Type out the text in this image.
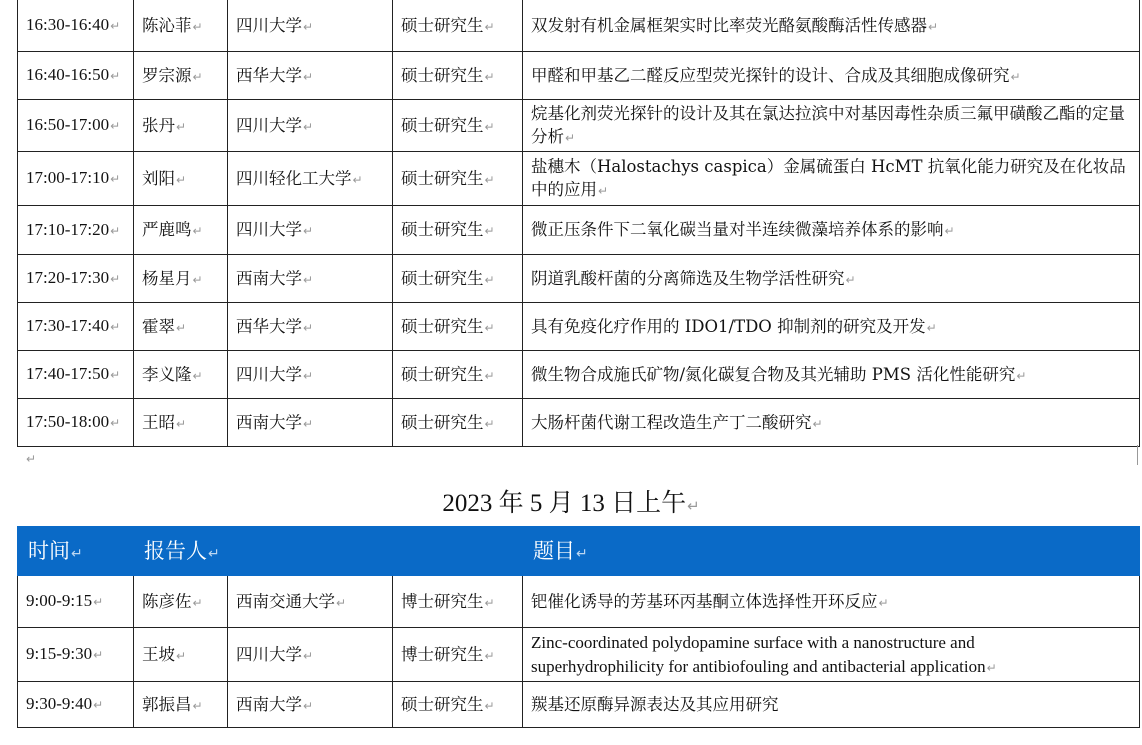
16:30-16:40↵	陈沁菲↵	四川大学↵	硕士研究生↵	双发射有机金属框架实时比率荧光酪氨酸酶活性传感器↵
16:40-16:50↵	罗宗源↵	西华大学↵	硕士研究生↵	甲醛和甲基乙二醛反应型荧光探针的设计、合成及其细胞成像研究↵
16:50-17:00↵	张丹↵	四川大学↵	硕士研究生↵	烷基化剂荧光探针的设计及其在氯达拉滨中对基因毒性杂质三氟甲磺酸乙酯的定量分析↵
17:00-17:10↵	刘阳↵	四川轻化工大学↵	硕士研究生↵	盐穗木（Halostachys caspica）金属硫蛋白 HcMT 抗氧化能力研究及在化妆品中的应用↵
17:10-17:20↵	严鹿鸣↵	四川大学↵	硕士研究生↵	微正压条件下二氧化碳当量对半连续微藻培养体系的影响↵
17:20-17:30↵	杨星月↵	西南大学↵	硕士研究生↵	阴道乳酸杆菌的分离筛选及生物学活性研究↵
17:30-17:40↵	霍翠↵	西华大学↵	硕士研究生↵	具有免疫化疗作用的 IDO1/TDO 抑制剂的研究及开发↵
17:40-17:50↵	李义隆↵	四川大学↵	硕士研究生↵	微生物合成施氏矿物/氮化碳复合物及其光辅助 PMS 活化性能研究↵
17:50-18:00↵	王昭↵	西南大学↵	硕士研究生↵	大肠杆菌代谢工程改造生产丁二酸研究↵
↵
2023 年 5 月 13 日上午↵
时间↵	报告人↵			题目↵
9:00-9:15↵	陈彦佐↵	西南交通大学↵	博士研究生↵	钯催化诱导的芳基环丙基酮立体选择性开环反应↵
9:15-9:30↵	王坡↵	四川大学↵	博士研究生↵	Zinc-coordinated polydopamine surface with a nanostructure and
superhydrophilicity for antibiofouling and antibacterial application↵

9:30-9:40↵	郭振昌↵	西南大学↵	硕士研究生↵	羰基还原酶异源表达及其应用研究
